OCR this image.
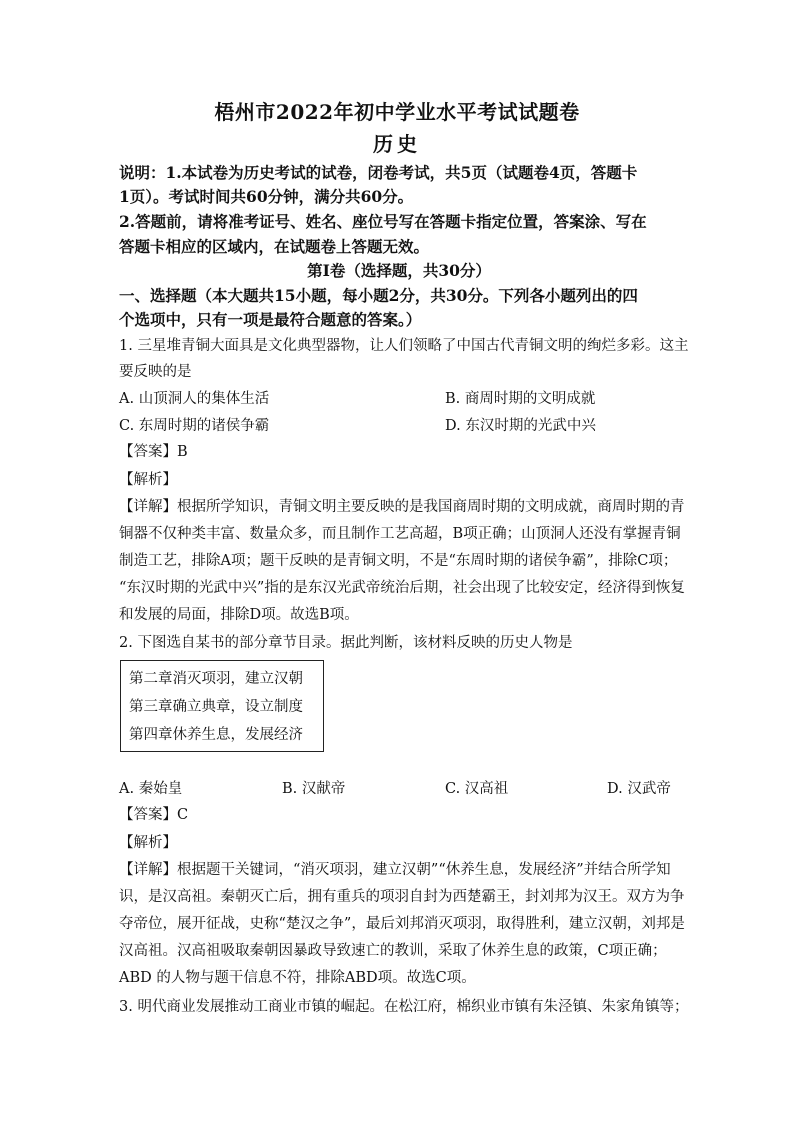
梧州市2022年初中学业水平考试试题卷
历史
说明：1.本试卷为历史考试的试卷，闭卷考试，共5页（试题卷4页，答题卡
1页）。考试时间共60分钟，满分共60分。
2.答题前，请将准考证号、姓名、座位号写在答题卡指定位置，答案涂、写在
答题卡相应的区域内，在试题卷上答题无效。
第Ⅰ卷（选择题，共30分）
一、选择题（本大题共15小题，每小题2分，共30分。下列各小题列出的四
个选项中，只有一项是最符合题意的答案。）
1. 三星堆青铜大面具是文化典型器物，让人们领略了中国古代青铜文明的绚烂多彩。这主
要反映的是
A. 山顶洞人的集体生活	B. 商周时期的文明成就
C. 东周时期的诸侯争霸	D. 东汉时期的光武中兴
【答案】B
【解析】
【详解】根据所学知识，青铜文明主要反映的是我国商周时期的文明成就，商周时期的青
铜器不仅种类丰富、数量众多，而且制作工艺高超，B项正确；山顶洞人还没有掌握青铜
制造工艺，排除A项；题干反映的是青铜文明，不是“东周时期的诸侯争霸”，排除C项；
“东汉时期的光武中兴”指的是东汉光武帝统治后期，社会出现了比较安定，经济得到恢复
和发展的局面，排除D项。故选B项。
2. 下图选自某书的部分章节目录。据此判断，该材料反映的历史人物是
第二章消灭项羽，建立汉朝
第三章确立典章，设立制度
第四章休养生息，发展经济
A. 秦始皇	B. 汉献帝	C. 汉高祖	D. 汉武帝
【答案】C
【解析】
【详解】根据题干关键词，“消灭项羽，建立汉朝”“休养生息，发展经济”并结合所学知
识，是汉高祖。秦朝灭亡后，拥有重兵的项羽自封为西楚霸王，封刘邦为汉王。双方为争
夺帝位，展开征战，史称“楚汉之争”，最后刘邦消灭项羽，取得胜利，建立汉朝，刘邦是
汉高祖。汉高祖吸取秦朝因暴政导致速亡的教训，采取了休养生息的政策，C项正确；
ABD 的人物与题干信息不符，排除ABD项。故选C项。
3. 明代商业发展推动工商业市镇的崛起。在松江府，棉织业市镇有朱泾镇、朱家角镇等；
